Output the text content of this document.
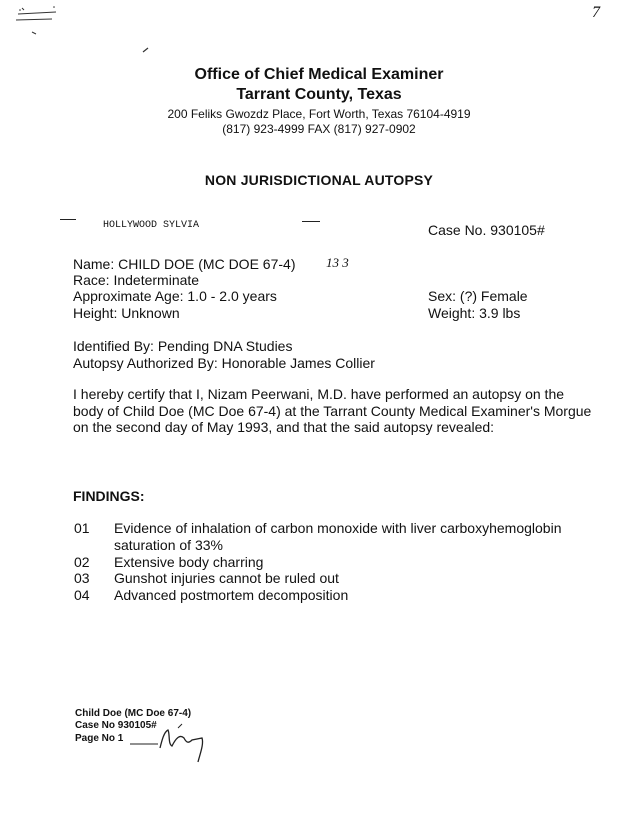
7
Office of Chief Medical Examiner
Tarrant County, Texas
200 Feliks Gwozdz Place, Fort Worth, Texas 76104-4919
(817) 923-4999 FAX (817) 927-0902
NON JURISDICTIONAL AUTOPSY
HOLLYWOOD SYLVIA	Case No. 930105#
Name: CHILD DOE (MC DOE 67-4) 13 3
Race: Indeterminate
Approximate Age: 1.0 - 2.0 years
Height: Unknown
Sex: (?) Female
Weight: 3.9 lbs
Identified By: Pending DNA Studies
Autopsy Authorized By: Honorable James Collier
I hereby certify that I, Nizam Peerwani, M.D. have performed an autopsy on the body of Child Doe (MC Doe 67-4) at the Tarrant County Medical Examiner's Morgue on the second day of May 1993, and that the said autopsy revealed:
FINDINGS:
01 Evidence of inhalation of carbon monoxide with liver carboxyhemoglobin
saturation of 33%
02 Extensive body charring
03 Gunshot injuries cannot be ruled out
04 Advanced postmortem decomposition
Child Doe (MC Doe 67-4)
Case No 930105#
Page No 1
